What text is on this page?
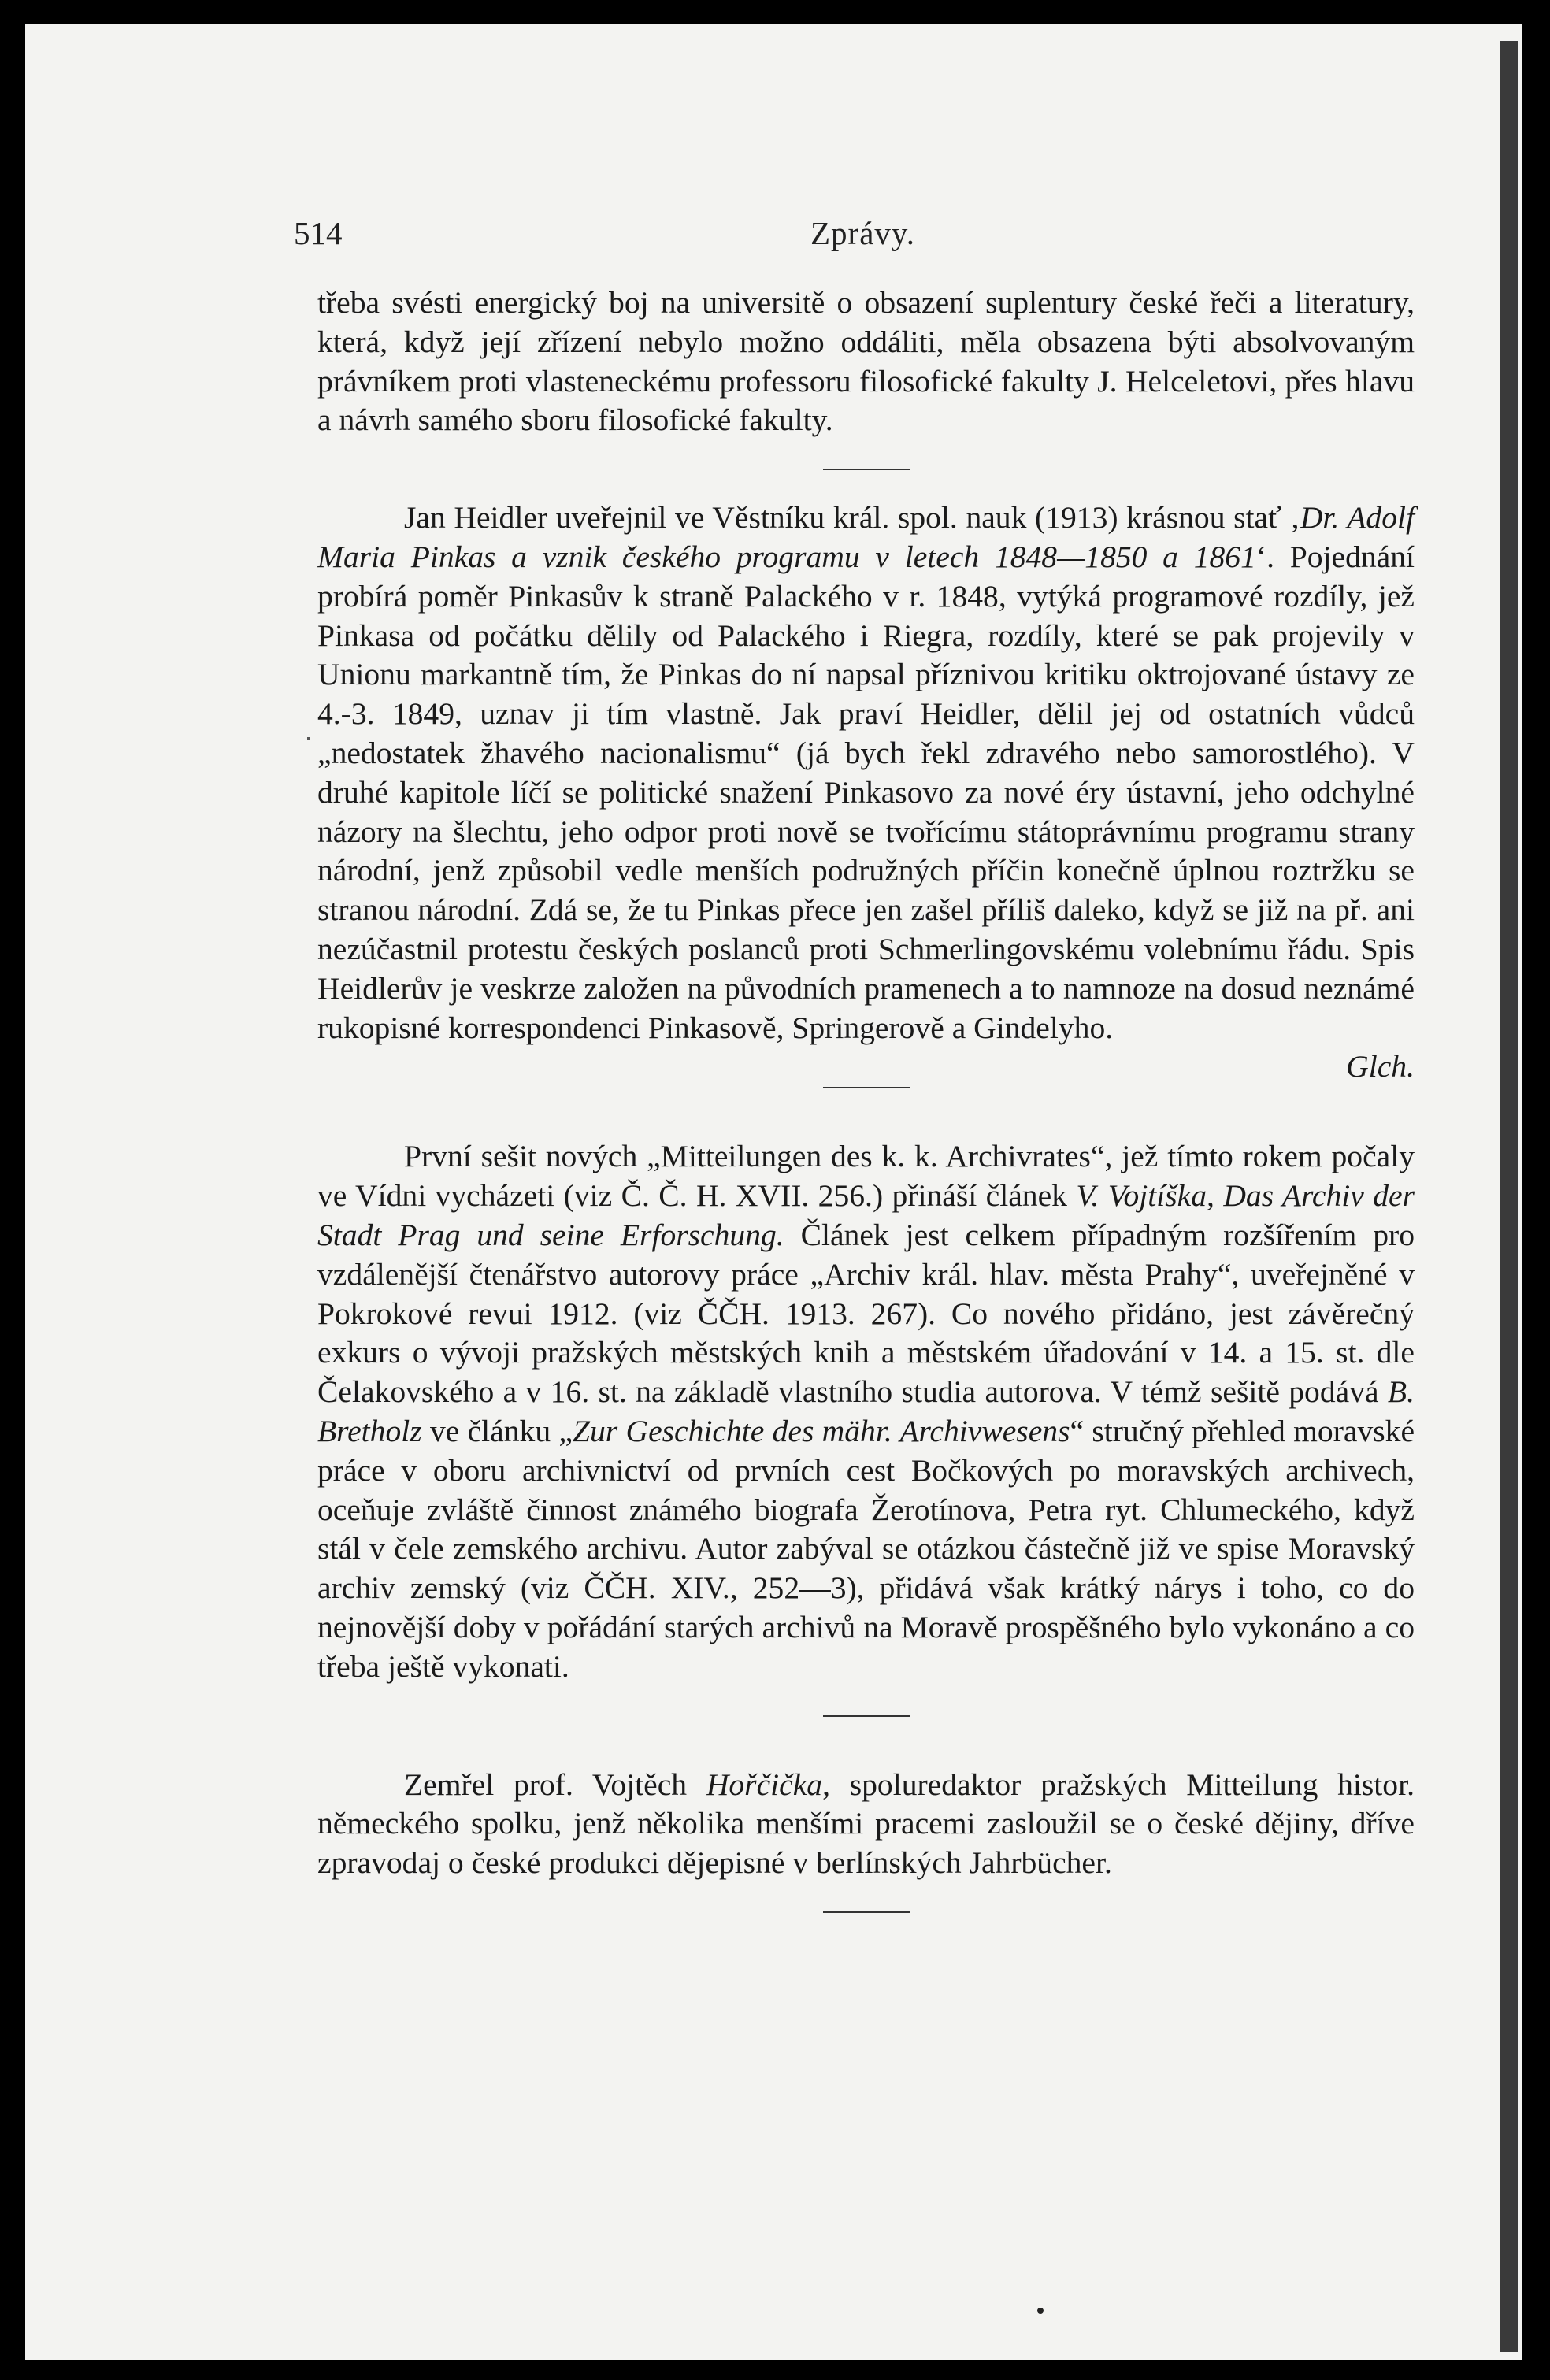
514	Zprávy.

třeba svésti energický boj na universitě o obsazení suplentury české řeči a literatury, která, když její zřízení nebylo možno oddáliti, měla obsazena býti absolvovaným právníkem proti vlasteneckému professoru filosofické fakulty J. Helceletovi, přes hlavu a návrh samého sboru filosofické fakulty.

Jan Heidler uveřejnil ve Věstníku král. spol. nauk (1913) krásnou stať ‚Dr. Adolf Maria Pinkas a vznik českého programu v letech 1848—1850 a 1861‘. Pojednání probírá poměr Pinkasův k straně Palackého v r. 1848, vytýká programové rozdíly, jež Pinkasa od počátku dělily od Palackého i Riegra, rozdíly, které se pak projevily v Unionu markantně tím, že Pinkas do ní napsal příznivou kritiku oktrojované ústavy ze 4.-3. 1849, uznav ji tím vlastně. Jak praví Heidler, dělil jej od ostatních vůdců „nedostatek žhavého nacionalismu“ (já bych řekl zdravého nebo samorostlého). V druhé kapitole líčí se politické snažení Pinkasovo za nové éry ústavní, jeho odchylné názory na šlechtu, jeho odpor proti nově se tvořícímu státoprávnímu programu strany národní, jenž způsobil vedle menších podružných příčin konečně úplnou roztržku se stranou národní. Zdá se, že tu Pinkas přece jen zašel příliš daleko, když se již na př. ani nezúčastnil protestu českých poslanců proti Schmerlingovskému volebnímu řádu. Spis Heidlerův je veskrze založen na původních pramenech a to namnoze na dosud neznámé rukopisné korrespondenci Pinkasově, Springerově a Gindelyho.

Glch.

První sešit nových „Mitteilungen des k. k. Archivrates“, jež tímto rokem počaly ve Vídni vycházeti (viz Č. Č. H. XVII. 256.) přináší článek V. Vojtíška, Das Archiv der Stadt Prag und seine Erforschung. Článek jest celkem případným rozšířením pro vzdálenější čtenářstvo autorovy práce „Archiv král. hlav. města Prahy“, uveřejněné v Pokrokové revui 1912. (viz ČČH. 1913. 267). Co nového přidáno, jest závěrečný exkurs o vývoji pražských městských knih a městském úřadování v 14. a 15. st. dle Čelakovského a v 16. st. na základě vlastního studia autorova. V témž sešitě podává B. Bretholz ve článku „Zur Geschichte des mähr. Archivwesens“ stručný přehled moravské práce v oboru archivnictví od prvních cest Bočkových po moravských archivech, oceňuje zvláště činnost známého biografa Žerotínova, Petra ryt. Chlumeckého, když stál v čele zemského archivu. Autor zabýval se otázkou částečně již ve spise Moravský archiv zemský (viz ČČH. XIV., 252—3), přidává však krátký nárys i toho, co do nejnovější doby v pořádání starých archivů na Moravě prospěšného bylo vykonáno a co třeba ještě vykonati.

Zemřel prof. Vojtěch Hořčička, spoluredaktor pražských Mitteilung histor. německého spolku, jenž několika menšími pracemi zasloužil se o české dějiny, dříve zpravodaj o české produkci dějepisné v berlínských Jahrbücher.
